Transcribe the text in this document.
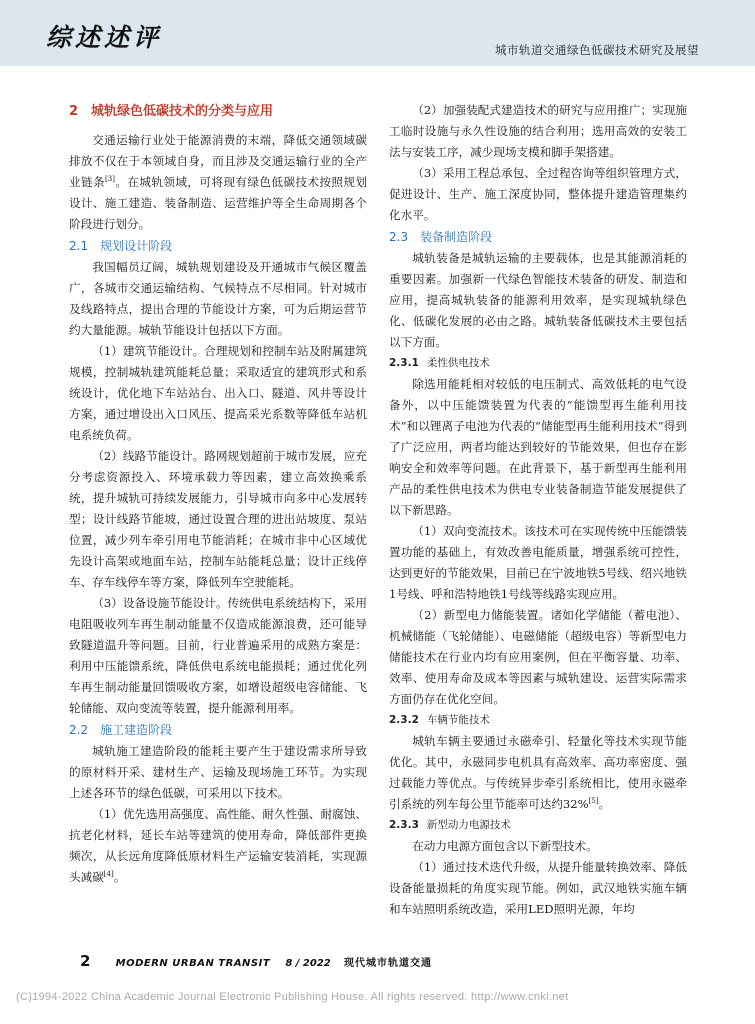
综述述评	城市轨道交通绿色低碳技术研究及展望
2　城轨绿色低碳技术的分类与应用

交通运输行业处于能源消费的末端，降低交通领域碳排放不仅在于本领域自身，而且涉及交通运输行业的全产业链条[3]。在城轨领域，可将现有绿色低碳技术按照规划设计、施工建造、装备制造、运营维护等全生命周期各个阶段进行划分。

2.1　规划设计阶段

我国幅员辽阔，城轨规划建设及开通城市气候区覆盖广，各城市交通运输结构、气候特点不尽相同。针对城市及线路特点，提出合理的节能设计方案，可为后期运营节约大量能源。城轨节能设计包括以下方面。

（1）建筑节能设计。合理规划和控制车站及附属建筑规模，控制城轨建筑能耗总量；采取适宜的建筑形式和系统设计，优化地下车站站台、出入口、隧道、风井等设计方案，通过增设出入口风压、提高采光系数等降低车站机电系统负荷。

（2）线路节能设计。路网规划超前于城市发展，应充分考虑资源投入、环境承载力等因素，建立高效换乘系统，提升城轨可持续发展能力，引导城市向多中心发展转型；设计线路节能坡，通过设置合理的进出站坡度、泵站位置，减少列车牵引用电节能消耗；在城市非中心区域优先设计高架或地面车站，控制车站能耗总量；设计正线停车、存车线停车等方案，降低列车空驶能耗。

（3）设备设施节能设计。传统供电系统结构下，采用电阻吸收列车再生制动能量不仅造成能源浪费，还可能导致隧道温升等问题。目前，行业普遍采用的成熟方案是：利用中压能馈系统，降低供电系统电能损耗；通过优化列车再生制动能量回馈吸收方案，如增设超级电容储能、飞轮储能、双向变流等装置，提升能源利用率。

2.2　施工建造阶段

城轨施工建造阶段的能耗主要产生于建设需求所导致的原材料开采、建材生产、运输及现场施工环节。为实现上述各环节的绿色低碳，可采用以下技术。

（1）优先选用高强度、高性能、耐久性强、耐腐蚀、抗老化材料，延长车站等建筑的使用寿命，降低部件更换频次，从长远角度降低原材料生产运输安装消耗，实现源头减碳[4]。

（2）加强装配式建造技术的研究与应用推广；实现施工临时设施与永久性设施的结合利用；选用高效的安装工法与安装工序，减少现场支模和脚手架搭建。

（3）采用工程总承包、全过程咨询等组织管理方式，促进设计、生产、施工深度协同，整体提升建造管理集约化水平。

2.3　装备制造阶段

城轨装备是城轨运输的主要载体，也是其能源消耗的重要因素。加强新一代绿色智能技术装备的研发、制造和应用，提高城轨装备的能源利用效率，是实现城轨绿色化、低碳化发展的必由之路。城轨装备低碳技术主要包括以下方面。

2.3.1 柔性供电技术

除选用能耗相对较低的电压制式、高效低耗的电气设备外，以中压能馈装置为代表的“能馈型再生能利用技术”和以锂离子电池为代表的“储能型再生能利用技术”得到了广泛应用，两者均能达到较好的节能效果，但也存在影响安全和效率等问题。在此背景下，基于新型再生能利用产品的柔性供电技术为供电专业装备制造节能发展提供了以下新思路。

（1）双向变流技术。该技术可在实现传统中压能馈装置功能的基础上，有效改善电能质量，增强系统可控性，达到更好的节能效果，目前已在宁波地铁5号线、绍兴地铁1号线、呼和浩特地铁1号线等线路实现应用。

（2）新型电力储能装置。诸如化学储能（蓄电池）、机械储能（飞轮储能）、电磁储能（超级电容）等新型电力储能技术在行业内均有应用案例，但在平衡容量、功率、效率、使用寿命及成本等因素与城轨建设、运营实际需求方面仍存在优化空间。

2.3.2 车辆节能技术

城轨车辆主要通过永磁牵引、轻量化等技术实现节能优化。其中，永磁同步电机具有高效率、高功率密度、强过载能力等优点。与传统异步牵引系统相比，使用永磁牵引系统的列车每公里节能率可达约32%[5]。

2.3.3 新型动力电源技术

在动力电源方面包含以下新型技术。

（1）通过技术迭代升级，从提升能量转换效率、降低设备能量损耗的角度实现节能。例如，武汉地铁实施车辆和车站照明系统改造，采用LED照明光源，年均

2	MODERN URBAN TRANSIT 8 / 2022 现代城市轨道交通
(C)1994-2022 China Academic Journal Electronic Publishing House. All rights reserved. http://www.cnki.net
